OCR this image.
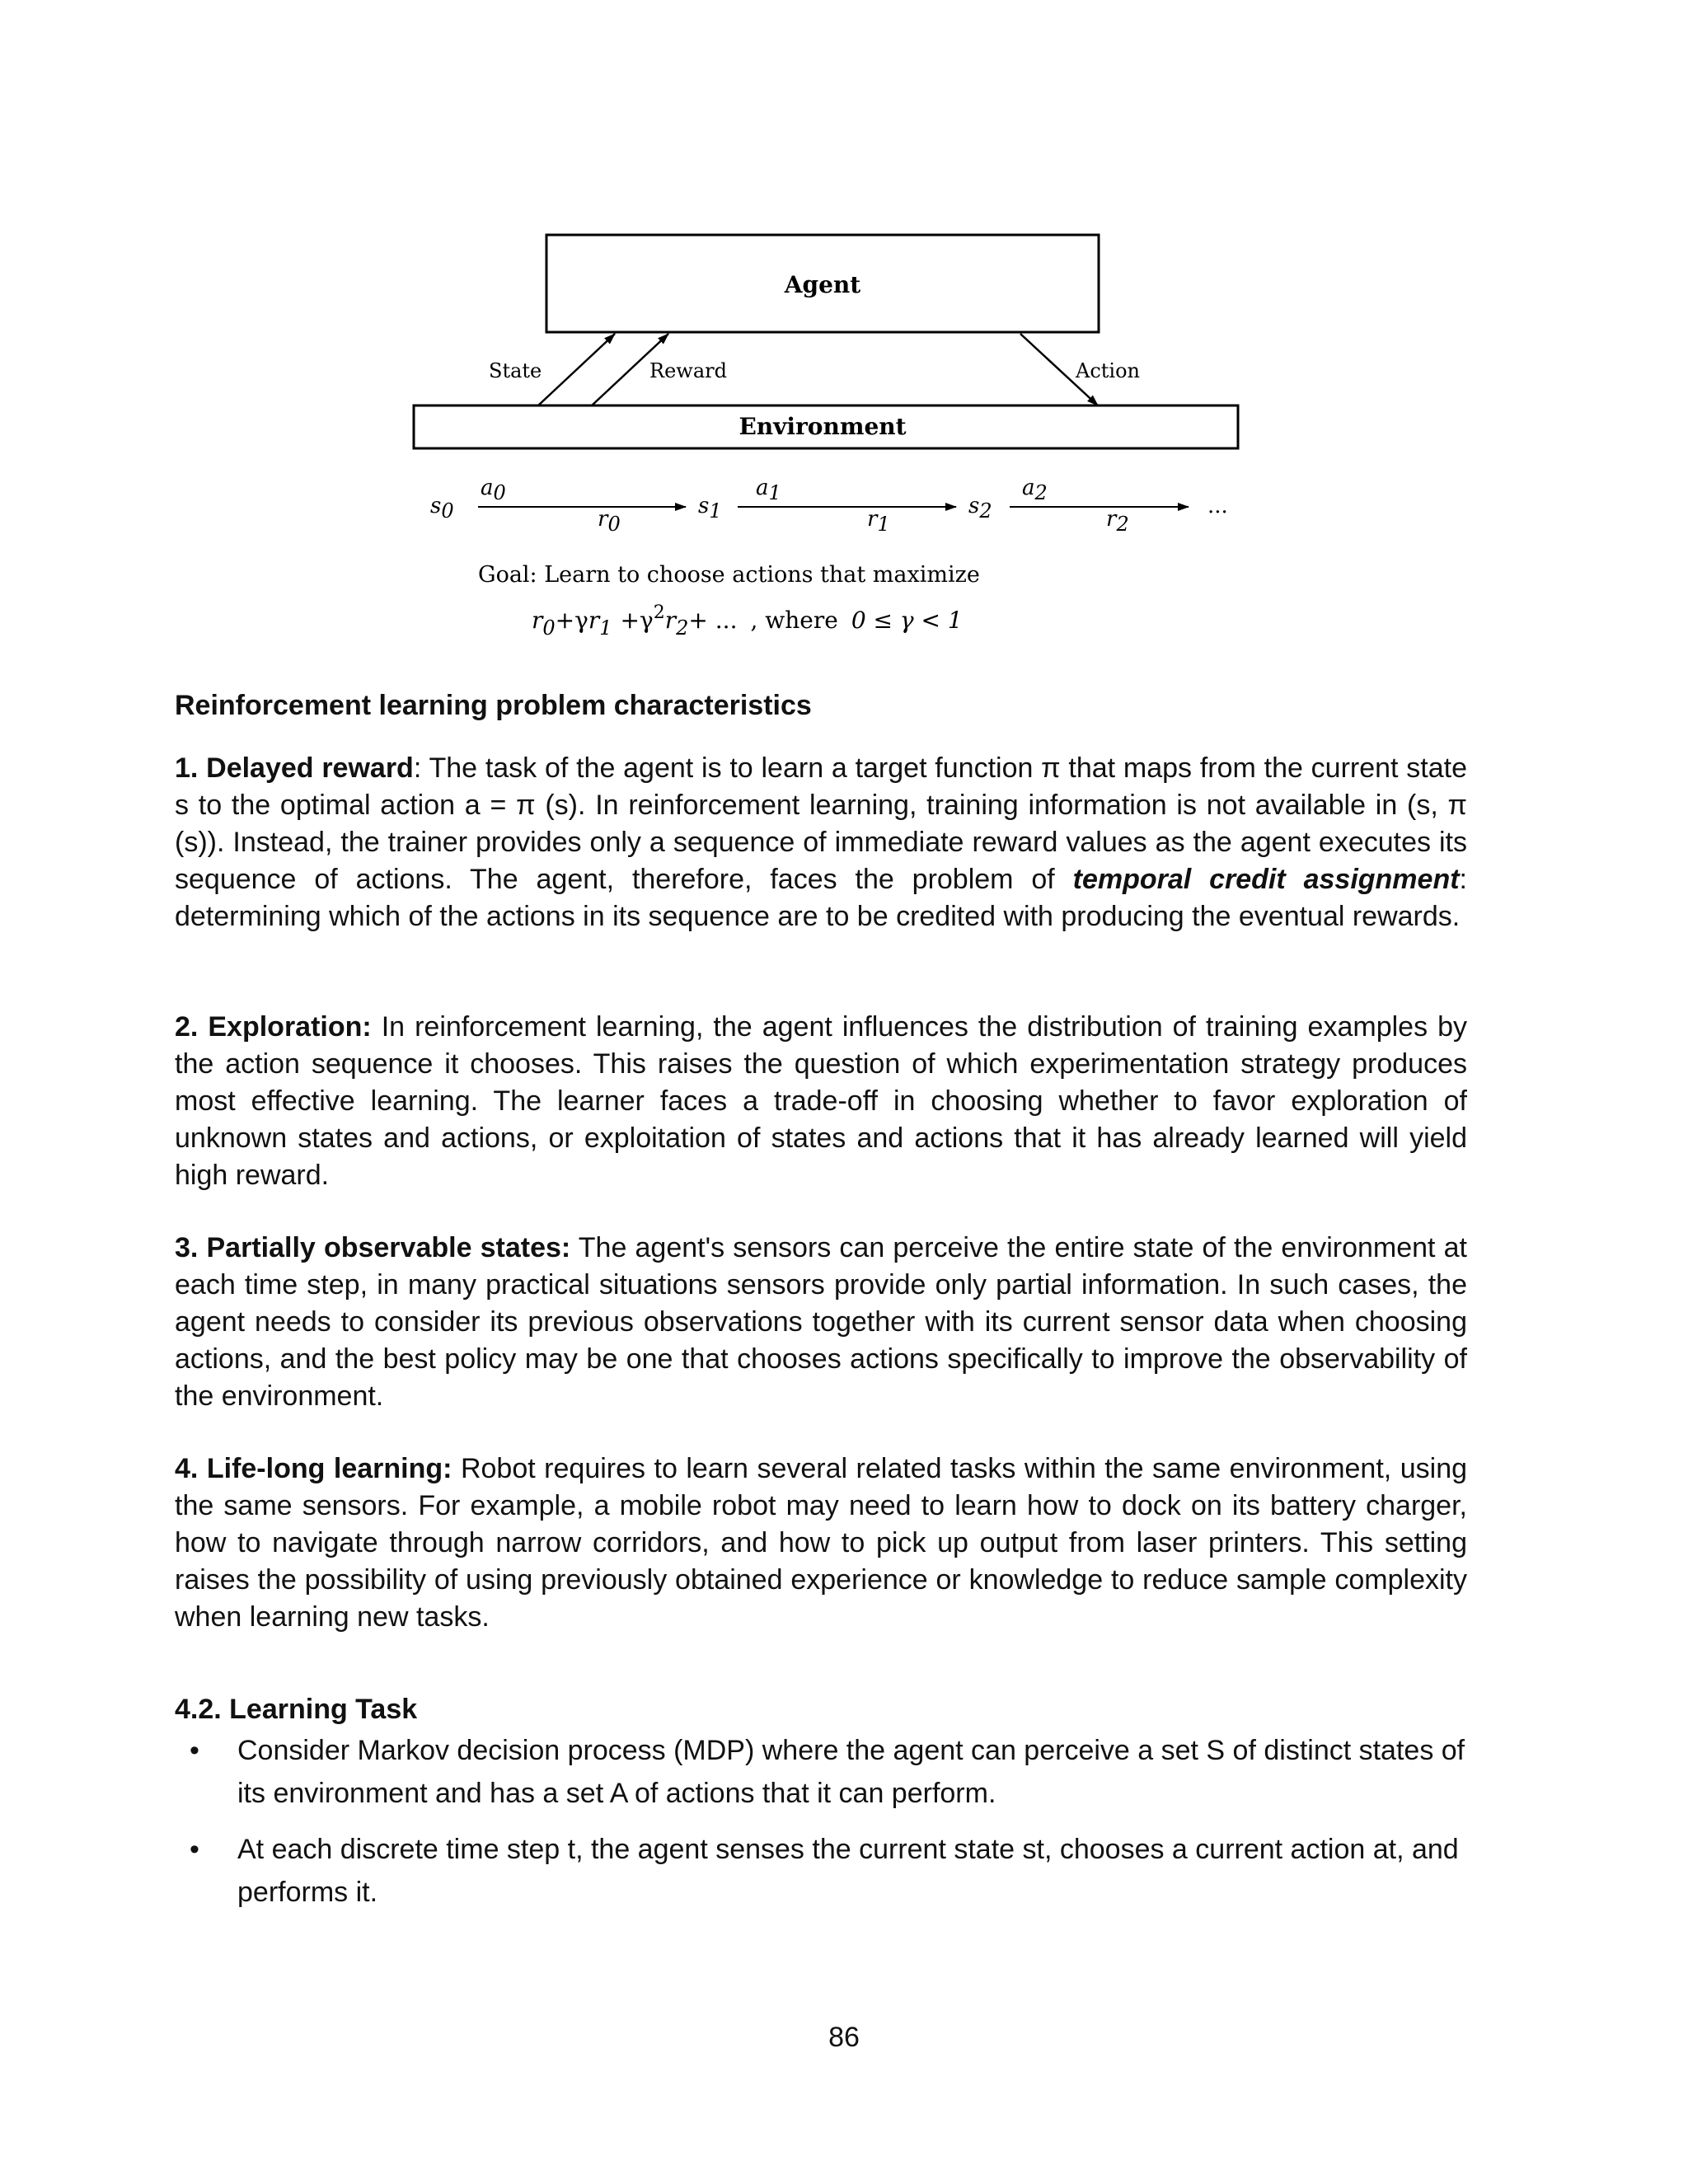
Agent
Environment
State	Reward	Action
s0
a0
r0
s1
a1
r1
s2
a2
r2
...
Goal: Learn to choose actions that maximize
$r0+\gamma r1 +\gamma^2r2+$ ... , where 0 ≤ γ < 1
Reinforcement learning problem characteristics

1. Delayed reward: The task of the agent is to learn a target function π that maps from the current state s to the optimal action a = π (s). In reinforcement learning, training information is not available in (s, π (s)). Instead, the trainer provides only a sequence of immediate reward values as the agent executes its sequence of actions. The agent, therefore, faces the problem of temporal credit assignment: determining which of the actions in its sequence are to be credited with producing the eventual rewards.

2. Exploration: In reinforcement learning, the agent influences the distribution of training examples by the action sequence it chooses. This raises the question of which experimentation strategy produces most effective learning. The learner faces a trade-off in choosing whether to favor exploration of unknown states and actions, or exploitation of states and actions that it has already learned will yield high reward.

3. Partially observable states: The agent's sensors can perceive the entire state of the environment at each time step, in many practical situations sensors provide only partial information. In such cases, the agent needs to consider its previous observations together with its current sensor data when choosing actions, and the best policy may be one that chooses actions specifically to improve the observability of the environment.

4. Life-long learning: Robot requires to learn several related tasks within the same environment, using the same sensors. For example, a mobile robot may need to learn how to dock on its battery charger, how to navigate through narrow corridors, and how to pick up output from laser printers. This setting raises the possibility of using previously obtained experience or knowledge to reduce sample complexity when learning new tasks.

4.2. Learning Task
• Consider Markov decision process (MDP) where the agent can perceive a set S of distinct states of its environment and has a set A of actions that it can perform.
• At each discrete time step t, the agent senses the current state st, chooses a current action at, and performs it.
86
